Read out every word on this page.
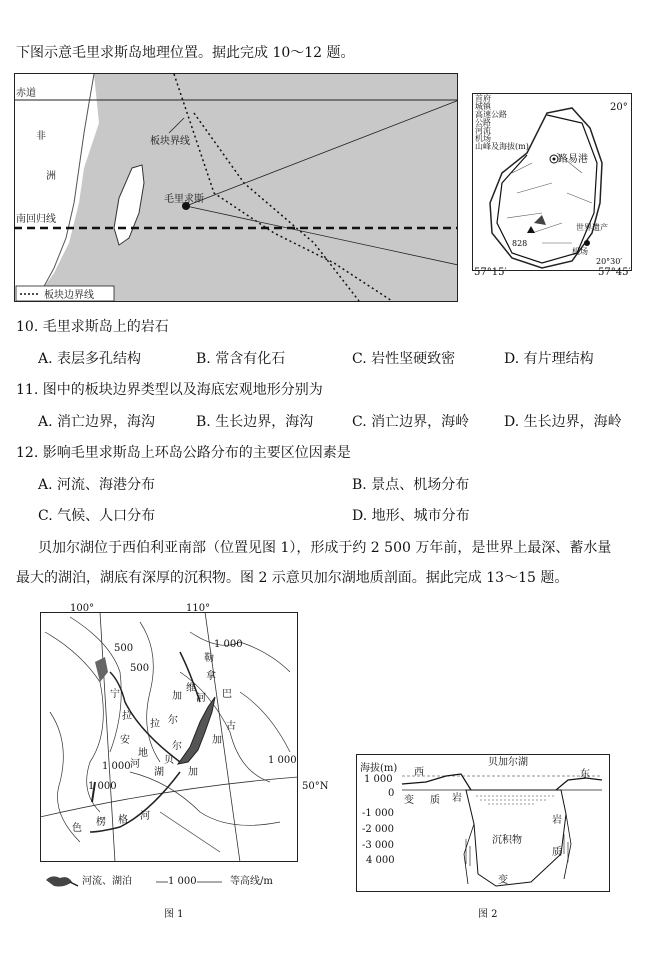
下图示意毛里求斯岛地理位置。据此完成 10～12 题。
赤道
非
洲
南回归线
板块界线
毛里求斯
板块边界线
首府
城镇
高速公路
公路
河流
机场
山峰及海拔(m)
20°
路易港
世界遗产
机场
828
20°30′
57°15′	57°45′
10. 毛里求斯岛上的岩石
A. 表层多孔结构	B. 常含有化石	C. 岩性坚硬致密	D. 有片理结构
11. 图中的板块边界类型以及海底宏观地形分别为
A. 消亡边界，海沟	B. 生长边界，海沟	C. 消亡边界，海岭 D. 生长边界，海岭
12. 影响毛里求斯岛上环岛公路分布的主要区位因素是
A. 河流、海港分布	B. 景点、机场分布
C. 气候、人口分布	D. 地形、城市分布
贝加尔湖位于西伯利亚南部（位置见图 1），形成于约 2 500 万年前，是世界上最深、蓄水量
最大的湖泊，湖底有深厚的沉积物。图 2 示意贝加尔湖地质剖面。据此完成 13～15 题。
100°	110°
50°N
500
500
1 000
1 000
1 000
1 000
勒
拿
河
加
尔
巴
古
宁
拉
尔
加
贝
湖
安
加
拉
河
地
色
楞 格 河
维
河流、湖泊	1 000	等高线/m
图 1
西	东
贝加尔湖
变 质 岩
沉积物
岩
质
变
海拔(m)
1 000
0
-1 000
-2 000
-3 000
4 000
图 2
